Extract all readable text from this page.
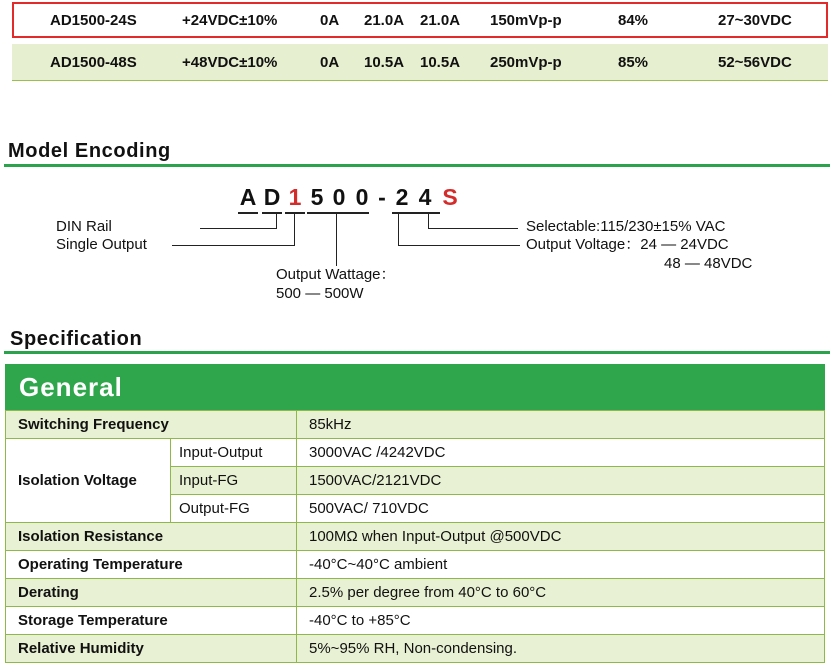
AD1500-24S	+24VDC±10%	0A 21.0A 21.0A 150mVp-p	84%	27~30VDC
AD1500-48S	+48VDC±10%	0A 10.5A 10.5A 250mVp-p	85%	52~56VDC
Model Encoding
A D 1 5 0 0 - 2 4 S
DIN Rail
Single Output
Output Wattage：
500 — 500W
Selectable:115/230±15% VAC
Output Voltage：24 — 24VDC
48 — 48VDC
Specification
General
Switching Frequency		85kHz
Isolation Voltage	Input-Output	3000VAC /4242VDC
	Input-FG	1500VAC/2121VDC
	Output-FG	500VAC/ 710VDC
Isolation Resistance		100MΩ when Input-Output @500VDC
Operating Temperature		-40°C~40°C ambient
Derating		2.5% per degree from 40°C to 60°C
Storage Temperature		-40°C to +85°C
Relative Humidity		5%~95% RH, Non-condensing.
